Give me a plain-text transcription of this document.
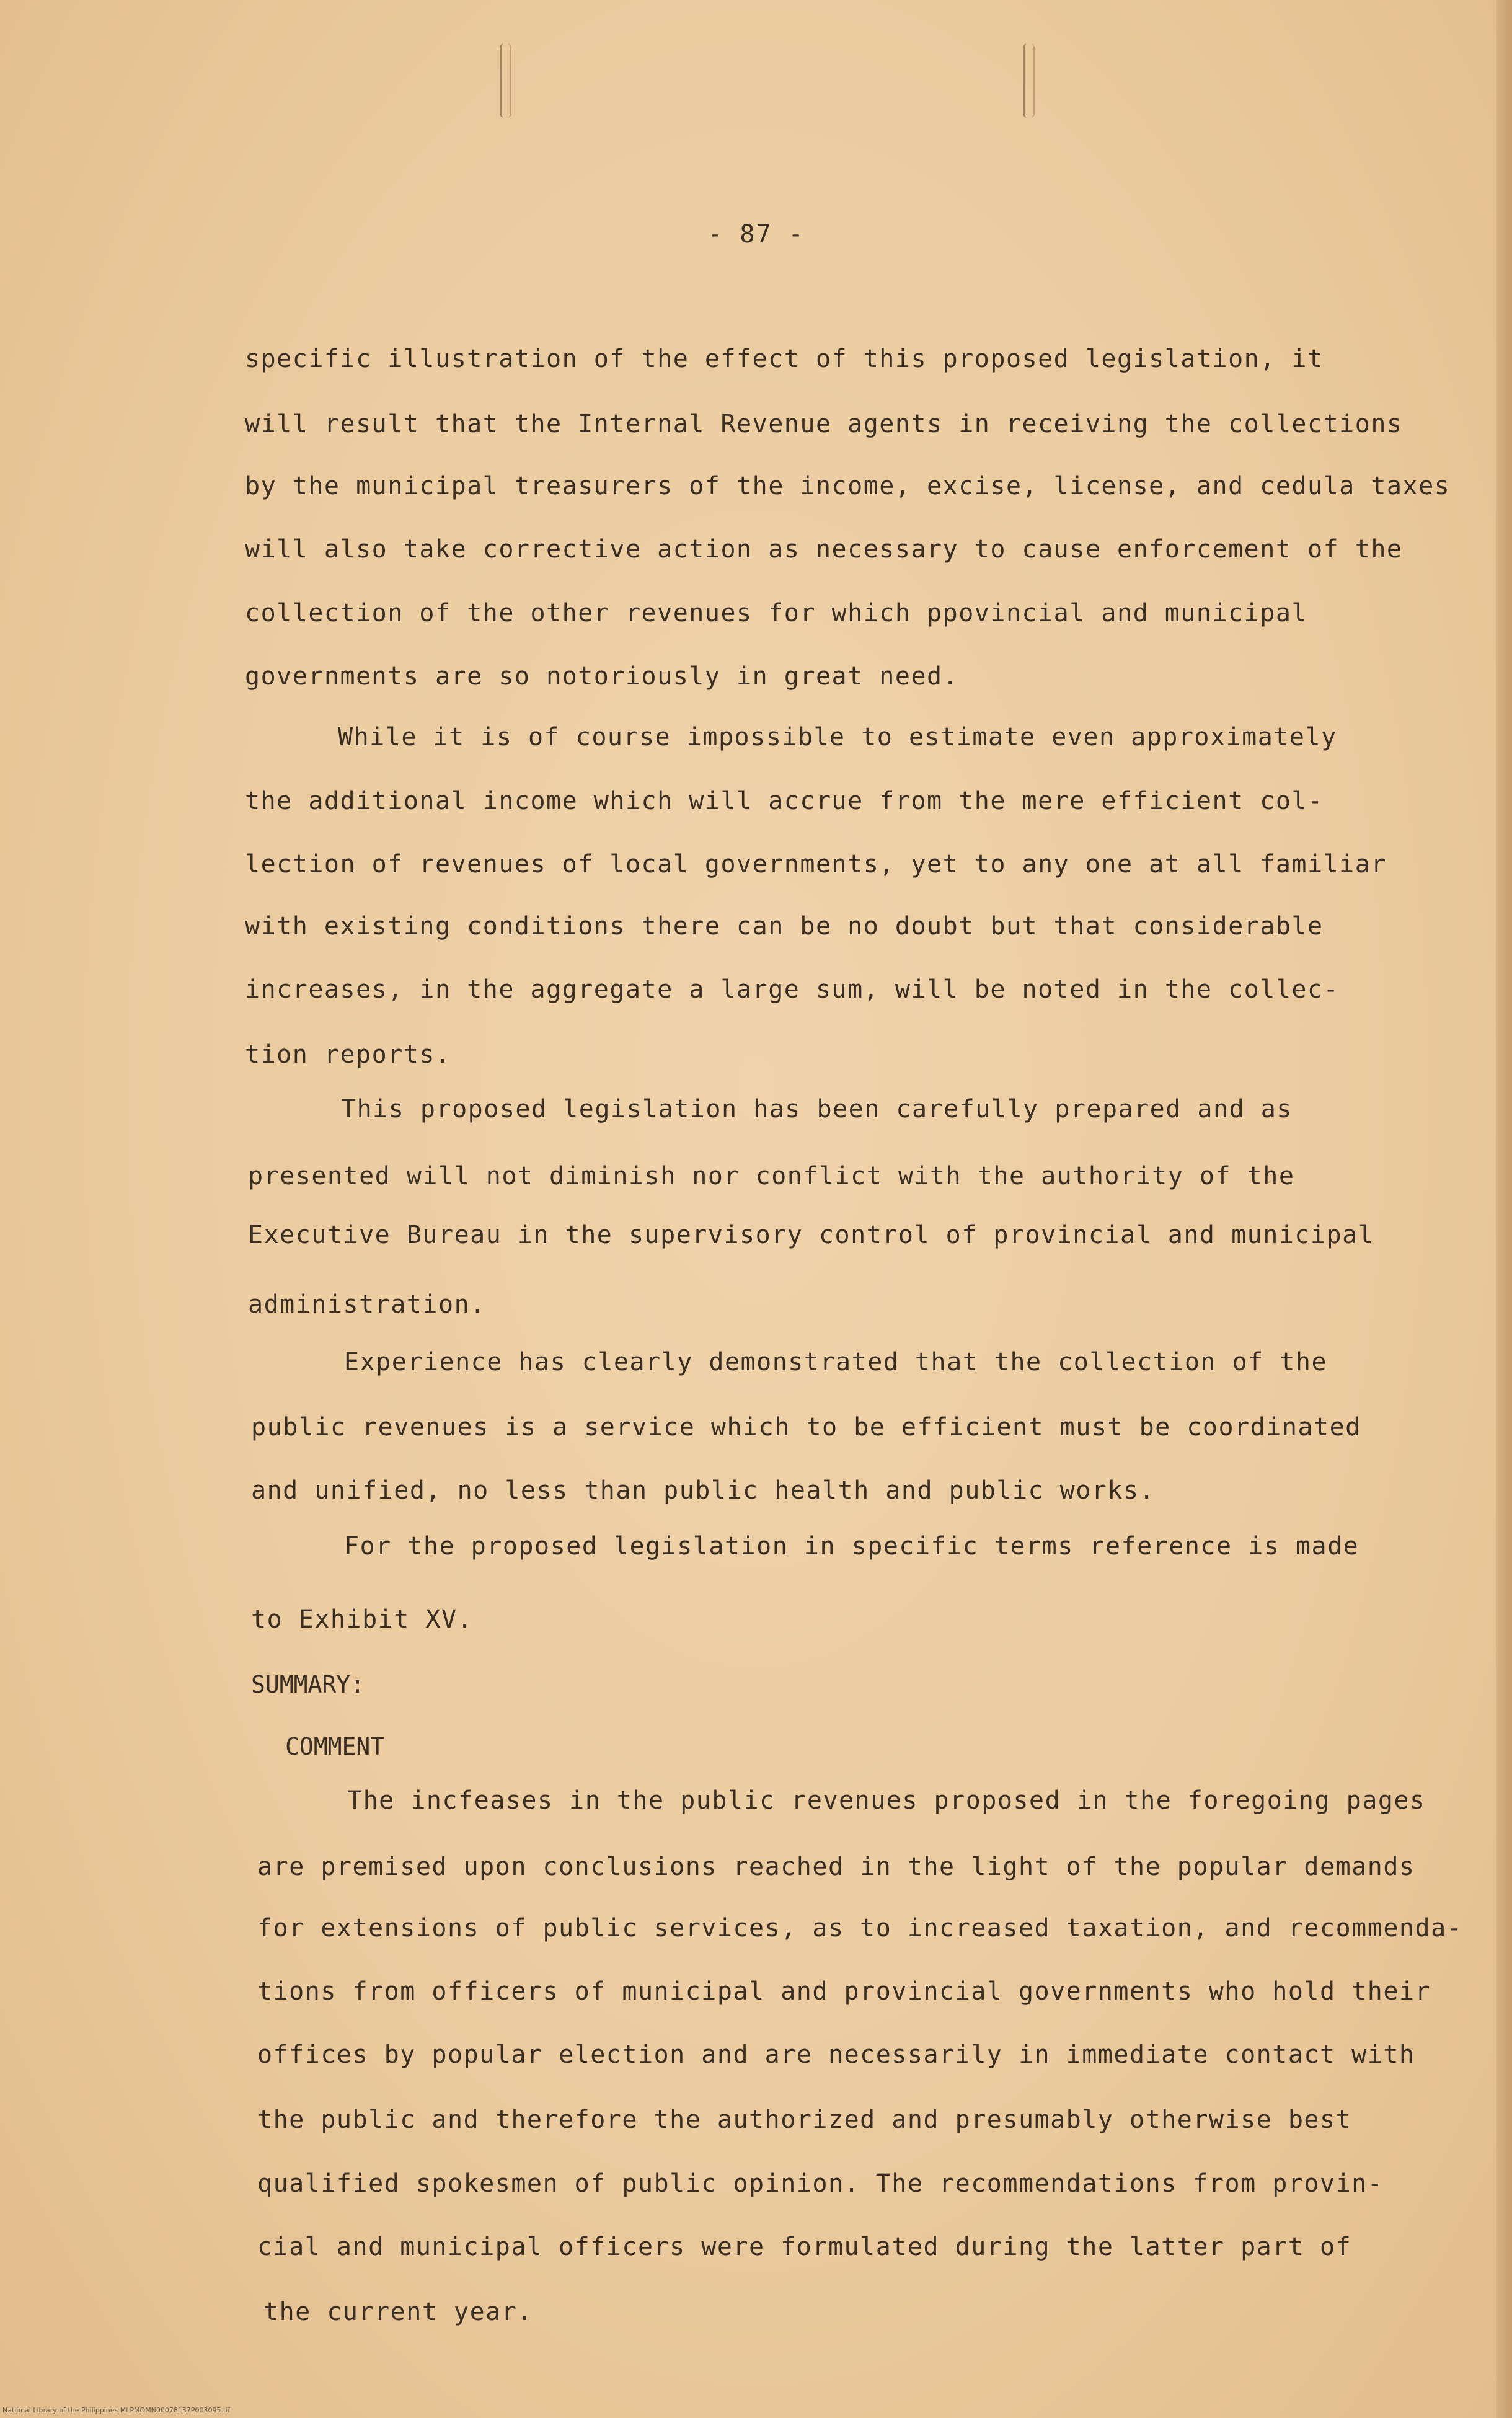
- 87 -
specific illustration of the effect of this proposed legislation, it
will result that the Internal Revenue agents in receiving the collections
by the municipal treasurers of the income, excise, license, and cedula taxes
will also take corrective action as necessary to cause enforcement of the
collection of the other revenues for which ppovincial and municipal
governments are so notoriously in great need.
While it is of course impossible to estimate even approximately
the additional income which will accrue from the mere efficient col-
lection of revenues of local governments, yet to any one at all familiar
with existing conditions there can be no doubt but that considerable
increases, in the aggregate a large sum, will be noted in the collec-
tion reports.
This proposed legislation has been carefully prepared and as
presented will not diminish nor conflict with the authority of the
Executive Bureau in the supervisory control of provincial and municipal
administration.
Experience has clearly demonstrated that the collection of the
public revenues is a service which to be efficient must be coordinated
and unified, no less than public health and public works.
For the proposed legislation in specific terms reference is made
to Exhibit XV.
SUMMARY:
COMMENT
The incfeases in the public revenues proposed in the foregoing pages
are premised upon conclusions reached in the light of the popular demands
for extensions of public services, as to increased taxation, and recommenda-
tions from officers of municipal and provincial governments who hold their
offices by popular election and are necessarily in immediate contact with
the public and therefore the authorized and presumably otherwise best
qualified spokesmen of public opinion. The recommendations from provin-
cial and municipal officers were formulated during the latter part of
the current year.
National Library of the Philippines MLPMOMN00078137P003095.tif
